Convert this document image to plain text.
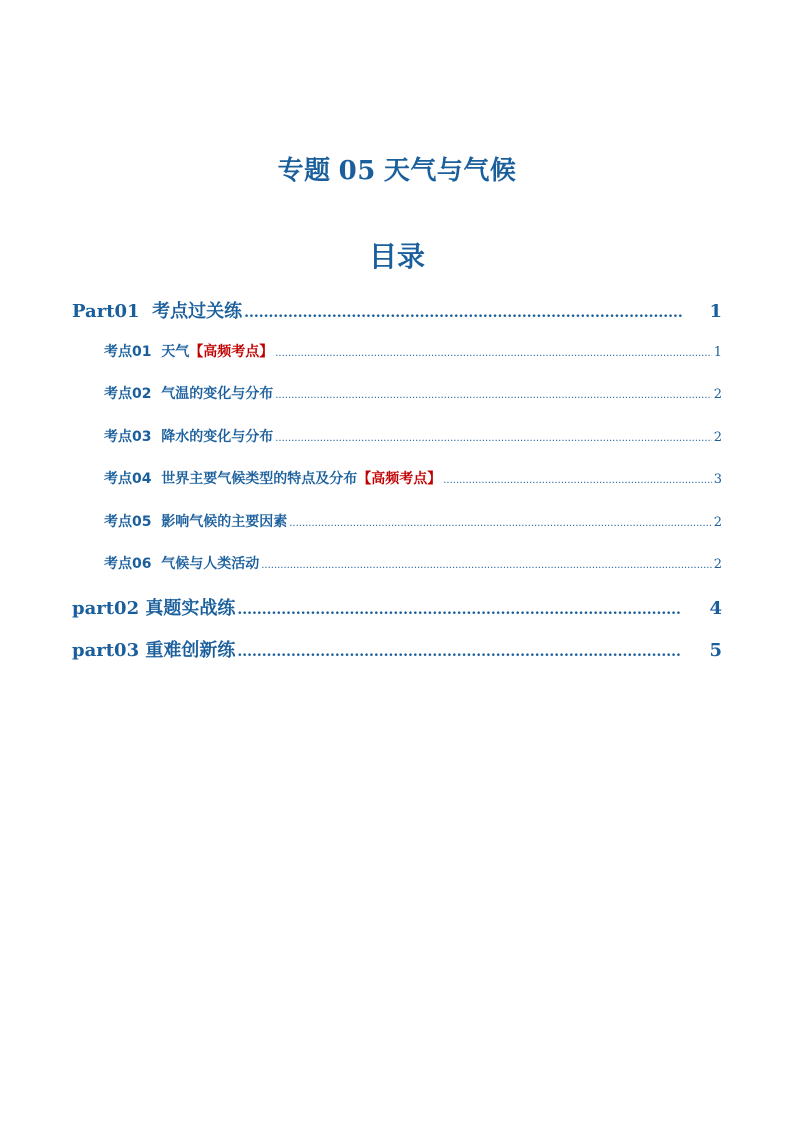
专题 05 天气与气候
目录
Part01 考点过关练 .....	1
考点01 天气【高频考点】 .....	1
考点02 气温的变化与分布 .....	2
考点03 降水的变化与分布 .....	2
考点04 世界主要气候类型的特点及分布【高频考点】 .....	3
考点05 影响气候的主要因素 .....	2
考点06 气候与人类活动 .....	2
part02 真题实战练 .....	4
part03 重难创新练 .....	5
